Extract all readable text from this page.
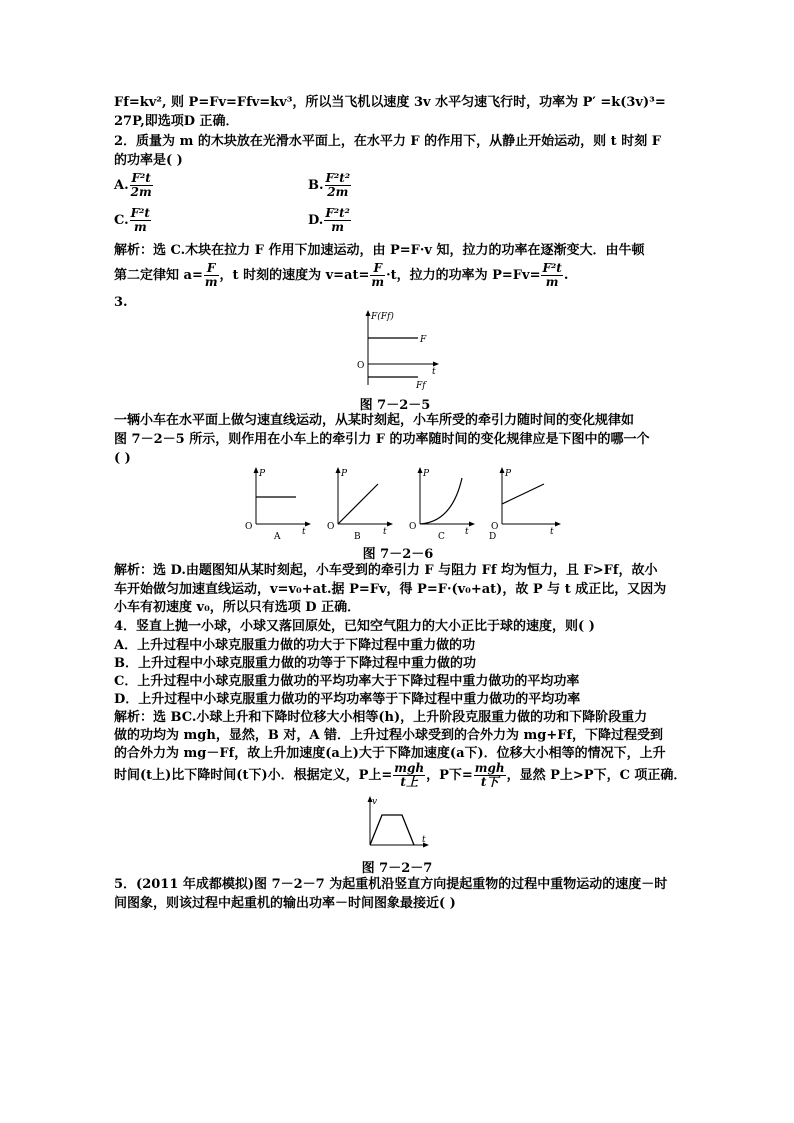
Ff=kv², 则 P=Fv=Ffv=kv³，所以当飞机以速度 3v 水平匀速飞行时，功率为 P′ =k(3v)³=
27P,即选项D 正确．
2．质量为 m 的木块放在光滑水平面上，在水平力 F 的作用下，从静止开始运动，则 t 时刻 F
的功率是( )
A. $\frac{\text{F²t}}{2m}$	B. $\frac{\text{F²t²}}{2m}$
C. $\frac{\text{F²t}}{m}$	D. $\frac{\text{F²t²}}{m}$
解析：选 C.木块在拉力 F 作用下加速运动，由 P=F·v 知，拉力的功率在逐渐变大．由牛顿
第二定律知 $a= \frac{F}{m}$ ，t 时刻的速度为 $v=at= \frac{F}{m} \cdot t$，拉力的功率为 $P=Fv= \frac{\text{F²t}}{m}$ .
3.
F(Ff)
t
O
F
Ff
图 7－2－5
一辆小车在水平面上做匀速直线运动，从某时刻起，小车所受的牵引力随时间的变化规律如
图 7－2－5 所示，则作用在小车上的牵引力 F 的功率随时间的变化规律应是下图中的哪一个
( )
P
t
O
A
P
t
O
B
P
t
O
C
P
t
O
D
图 7－2－6
解析：选 D.由题图知从某时刻起，小车受到的牵引力 F 与阻力 Ff 均为恒力，且 F>Ff，故小
车开始做匀加速直线运动，v=v₀+at.据 P=Fv，得 P=F·(v₀+at)，故 P 与 t 成正比，又因为
小车有初速度 v₀，所以只有选项 D 正确．
4．竖直上抛一小球，小球又落回原处，已知空气阻力的大小正比于球的速度，则( )
A．上升过程中小球克服重力做的功大于下降过程中重力做的功
B．上升过程中小球克服重力做的功等于下降过程中重力做的功
C．上升过程中小球克服重力做功的平均功率大于下降过程中重力做功的平均功率
D．上升过程中小球克服重力做功的平均功率等于下降过程中重力做功的平均功率
解析：选 BC.小球上升和下降时位移大小相等(h)，上升阶段克服重力做的功和下降阶段重力
做的功均为 mgh，显然，B 对，A 错．上升过程小球受到的合外力为 mg+Ff，下降过程受到
的合外力为 mg－Ff，故上升加速度(a上)大于下降加速度(a下)．位移大小相等的情况下，上升
时间(t上)比下降时间(t下)小．根据定义，P上= $\frac{\text{mgh}}{\text{t上}}$ ，P下= $\frac{\text{mgh}}{\text{t下}}$ ，显然 P上>P下，C 项正确．
v
t
图 7－2－7
5．(2011 年成都模拟)图 7－2－7 为起重机沿竖直方向提起重物的过程中重物运动的速度－时
间图象，则该过程中起重机的输出功率－时间图象最接近( )
